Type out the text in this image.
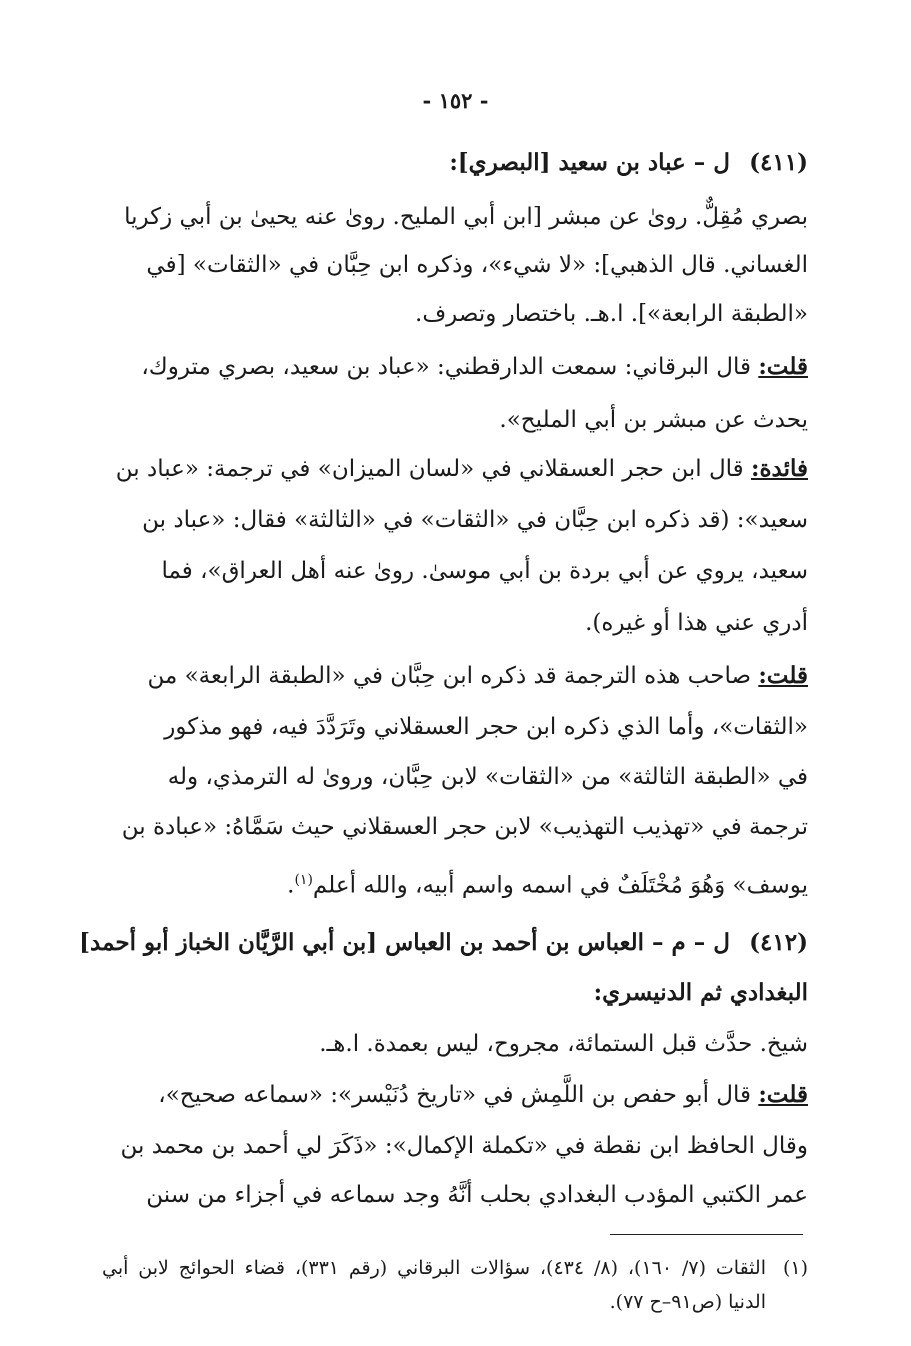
- ١٥٢ -
(٤١١)ل – عباد بن سعيد [البصري]:
بصري مُقِلٌّ. روىٰ عن مبشر [ابن أبي المليح. روىٰ عنه يحيىٰ بن أبي زكريا
الغساني. قال الذهبي]: «لا شيء»، وذكره ابن حِبَّان في «الثقات» [في
«الطبقة الرابعة»]. ا.هـ. باختصار وتصرف.
قلت: قال البرقاني: سمعت الدارقطني: «عباد بن سعيد، بصري متروك،
يحدث عن مبشر بن أبي المليح».
فائدة: قال ابن حجر العسقلاني في «لسان الميزان» في ترجمة: «عباد بن
سعيد»: (قد ذكره ابن حِبَّان في «الثقات» في «الثالثة» فقال: «عباد بن
سعيد، يروي عن أبي بردة بن أبي موسىٰ. روىٰ عنه أهل العراق»، فما
أدري عني هذا أو غيره).
قلت: صاحب هذه الترجمة قد ذكره ابن حِبَّان في «الطبقة الرابعة» من
«الثقات»، وأما الذي ذكره ابن حجر العسقلاني وتَرَدَّدَ فيه، فهو مذكور
في «الطبقة الثالثة» من «الثقات» لابن حِبَّان، وروىٰ له الترمذي، وله
ترجمة في «تهذيب التهذيب» لابن حجر العسقلاني حيث سَمَّاهُ: «عبادة بن
يوسف» وَهُوَ مُخْتَلَفٌ في اسمه واسم أبيه، والله أعلم$^{(١)}$.
(٤١٢)ل – م – العباس بن أحمد بن العباس [بن أبي الرَّيَّان الخباز أبو أحمد]
البغدادي ثم الدنيسري:
شيخ. حدَّث قبل الستمائة، مجروح، ليس بعمدة. ا.هـ.
قلت: قال أبو حفص بن اللَّمِش في «تاريخ دُنَيْسر»: «سماعه صحيح»،
وقال الحافظ ابن نقطة في «تكملة الإكمال»: «ذَكَرَ لي أحمد بن محمد بن
عمر الكتبي المؤدب البغدادي بحلب أنَّهُ وجد سماعه في أجزاء من سنن
(١)
الثقات (٧/ ١٦٠)، (٨/ ٤٣٤)، سؤالات البرقاني (رقم ٣٣١)، قضاء الحوائج لابن أبي
الدنيا (ص٩١–ح ٧٧).
